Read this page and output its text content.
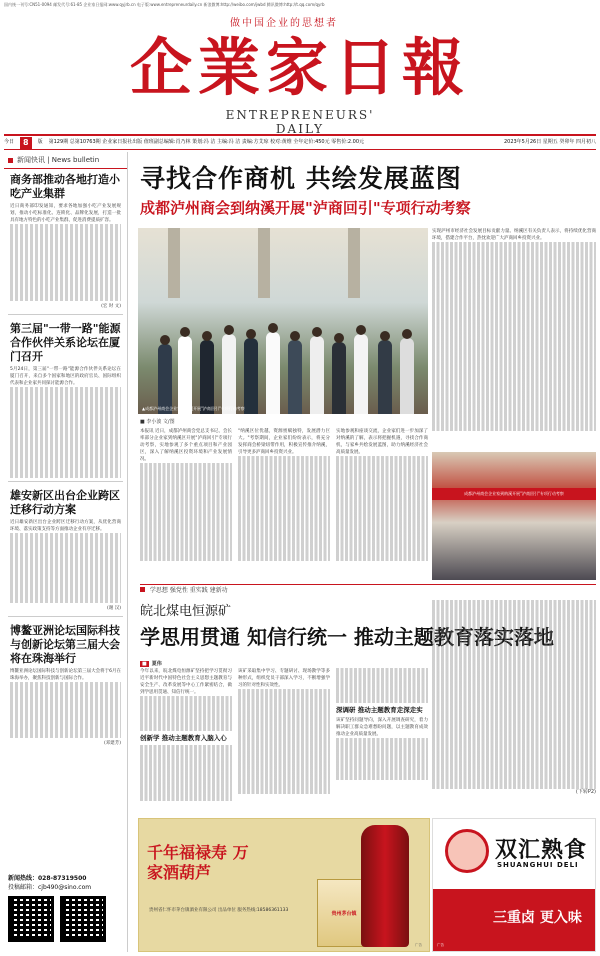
国内统一刊号:CN51-0094 邮发代号:61-85 企业家日报网:www.qyjrb.cn 电子版:www.entrepreneurdaily.cn 新浪微博:http://weibo.com/jwbd 腾讯微博:http://t.qq.com/qyrb
做中国企业的思想者
企業家日報
ENTREPRENEURS' DAILY
今日	8	版 第129期 总第10763期 企业家日报社出版 值班副总编辑:肖乃林 策划:冯 洁 主编:冯 洁 责编:方艾琼 校对:黄维 全年定价:450元 零售价:2.00元	2023年5月26日 星期五 癸卯年 四月初八
新闻快讯 | News bulletin
商务部推动各地打造小吃产业集群
近日商务部印发通知，要求各地加强小吃产业发展规划，推动小吃标准化、连锁化、品牌化发展，打造一批具有地方特色的小吃产业集群，促进消费提质扩容。
(宏 时 文)
第三届"一带一路"能源合作伙伴关系论坛在厦门召开
5月24日，第三届"一带一路"能源合作伙伴关系论坛在厦门召开，来自多个国家和地区的政府官员、国际组织代表和企业家共同探讨能源合作。
雄安新区出台企业跨区迁移行动方案
近日雄安新区出台企业跨区迁移行动方案，从优化营商环境、落实政策支持等方面推动企业有序迁移。
(谢 汉)
博鳌亚洲论坛国际科技与创新论坛第三届大会将在珠海举行
博鳌亚洲论坛国际科技与创新论坛第三届大会将于6月在珠海举办，聚焦科技创新与国际合作。
(邓建芳)
新闻热线：028-87319500
投稿邮箱：cjb490@sino.com

寻找合作商机 共绘发展蓝图
成都泸州商会到纳溪开展"泸商回引"专项行动考察
▲成都泸州商会企业家到纳溪开展"泸商回引"专项行动考察
■ 李小波 文/图
本报讯 近日，成都泸州商会党总支书记、会长率部分企业家到纳溪区开展"泸商回引"专项行动考察，实地参观了多个重点项目和产业园区，深入了解纳溪区投资环境和产业发展情况。
"纳溪区位优越，资源禀赋独特，发展潜力巨大。"考察期间，企业家们纷纷表示，将充分发挥商会桥梁纽带作用，积极宣传推介纳溪，引导更多泸商回乡投资兴业。
实地参观和座谈交流，企业家们进一步加深了对纳溪的了解，表示将把握机遇，寻找合作商机，与家乡共绘发展蓝图，助力纳溪经济社会高质量发展。
实现泸州市经济社会发展目标贡献力量。纳溪区有关负责人表示，将持续优化营商环境，搭建合作平台，热忱欢迎广大泸商回乡投资兴业。
成都泸州商会企业家到纳溪开展"泸商回引"专项行动考察
学思想 强党性 重实践 建新功
皖北煤电恒源矿
学思用贯通 知信行统一 推动主题教育落实落地
■ 夏伟
今年以来，皖北煤电恒源矿坚持把学习贯彻习近平新时代中国特色社会主义思想主题教育与安全生产、改革发展等中心工作紧密结合，做到学思用贯通、知信行统一。
创新学 推动主题教育入脑入心
该矿采取集中学习、专题研讨、现场教学等多种形式，组织党员干部深入学习，不断增强学习的针对性和实效性。
深调研 推动主题教育走深走实
该矿坚持问题导向，深入开展调查研究，着力解决职工群众急难愁盼问题，以主题教育成效推动企业高质量发展。
(下转P2)
千年福禄寿 万家酒葫芦
贵州省仁怀市茅台镇酒业有限公司 出品单位 服务热线:18586361133
贵州茅台镇
广告
双汇熟食
SHUANGHUI DELI
三重卤 更入味
广告
